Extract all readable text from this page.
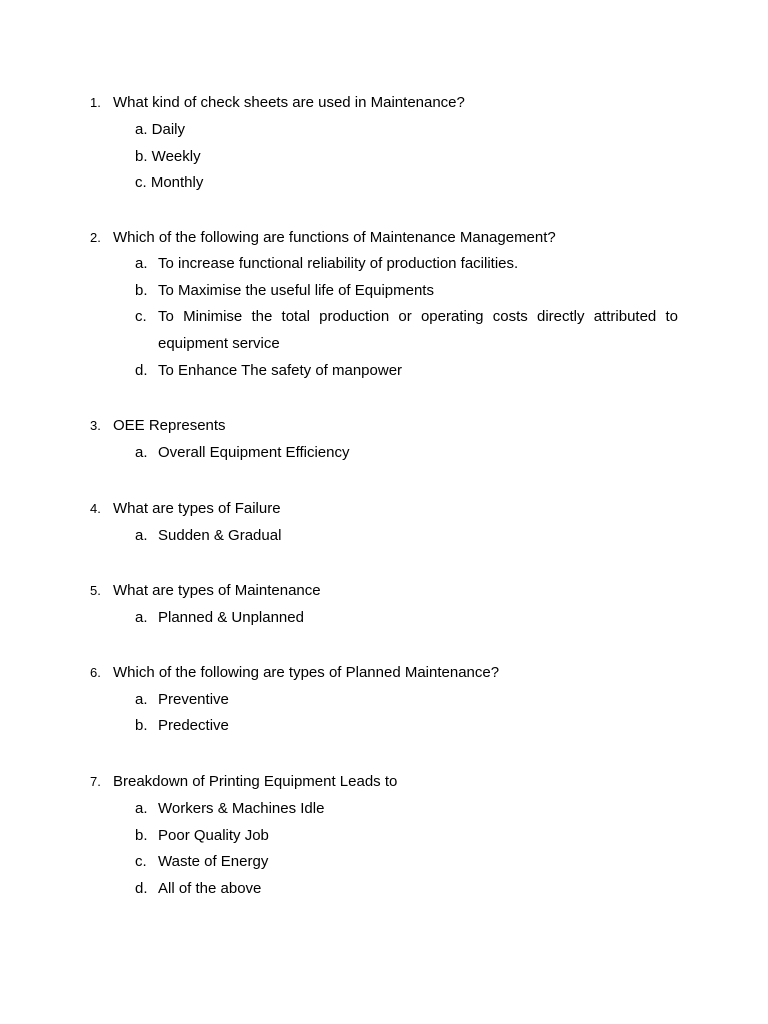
1. What kind of check sheets are used in Maintenance?
a. Daily
b. Weekly
c. Monthly
2. Which of the following are functions of Maintenance Management?
a. To increase functional reliability of production facilities.
b. To Maximise the useful life of Equipments
c. To Minimise the total production or operating costs directly attributed to equipment service
d. To Enhance The safety of manpower
3. OEE Represents
a. Overall Equipment Efficiency
4. What are types of Failure
a. Sudden & Gradual
5. What are types of Maintenance
a. Planned & Unplanned
6. Which of the following are types of Planned Maintenance?
a. Preventive
b. Predective
7. Breakdown of Printing Equipment Leads to
a. Workers & Machines Idle
b. Poor Quality Job
c. Waste of Energy
d. All of the above
